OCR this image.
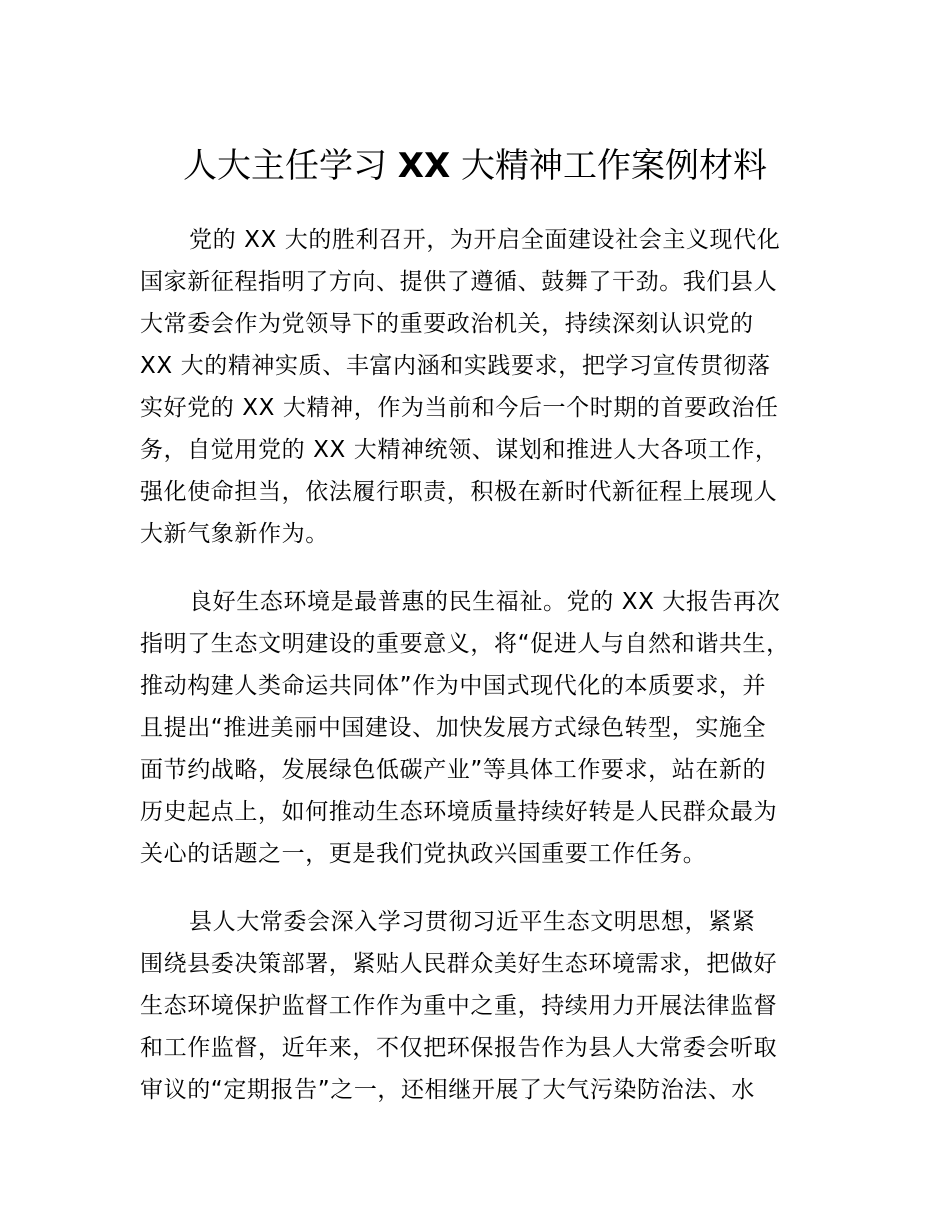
人大主任学习 XX 大精神工作案例材料
党的 XX 大的胜利召开，为开启全面建设社会主义现代化
国家新征程指明了方向、提供了遵循、鼓舞了干劲。我们县人
大常委会作为党领导下的重要政治机关，持续深刻认识党的
XX 大的精神实质、丰富内涵和实践要求，把学习宣传贯彻落
实好党的 XX 大精神，作为当前和今后一个时期的首要政治任
务，自觉用党的 XX 大精神统领、谋划和推进人大各项工作，
强化使命担当，依法履行职责，积极在新时代新征程上展现人
大新气象新作为。
良好生态环境是最普惠的民生福祉。党的 XX 大报告再次
指明了生态文明建设的重要意义，将“促进人与自然和谐共生，
推动构建人类命运共同体”作为中国式现代化的本质要求，并
且提出“推进美丽中国建设、加快发展方式绿色转型，实施全
面节约战略，发展绿色低碳产业”等具体工作要求，站在新的
历史起点上，如何推动生态环境质量持续好转是人民群众最为
关心的话题之一，更是我们党执政兴国重要工作任务。
县人大常委会深入学习贯彻习近平生态文明思想，紧紧
围绕县委决策部署，紧贴人民群众美好生态环境需求，把做好
生态环境保护监督工作作为重中之重，持续用力开展法律监督
和工作监督，近年来，不仅把环保报告作为县人大常委会听取
审议的“定期报告”之一，还相继开展了大气污染防治法、水
